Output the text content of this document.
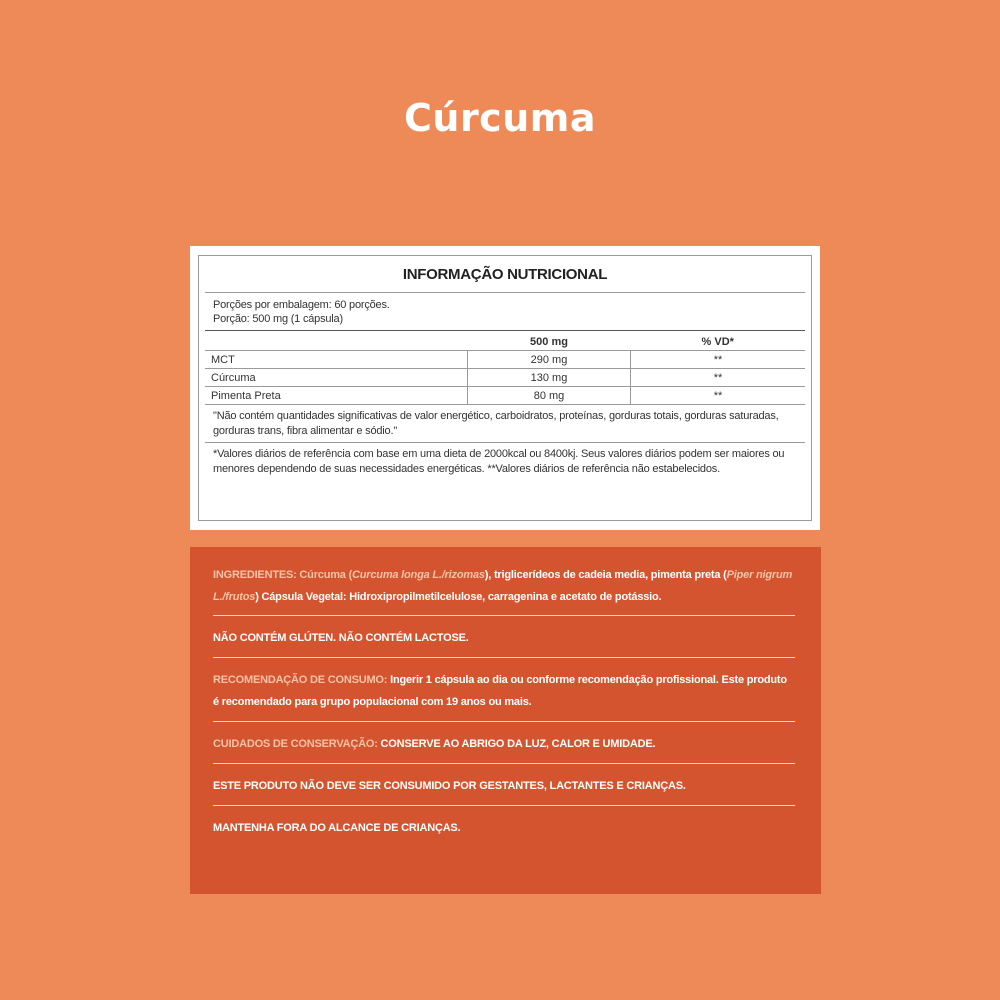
Cúrcuma
INFORMAÇÃO NUTRICIONAL
Porções por embalagem: 60 porções.
Porção: 500 mg (1 cápsula)
	500 mg	% VD*
MCT	290 mg	**
Cúrcuma	130 mg	**
Pimenta Preta	80 mg	**
"Não contém quantidades significativas de valor energético, carboidratos, proteínas, gorduras totais, gorduras saturadas, gorduras trans, fibra alimentar e sódio."
*Valores diários de referência com base em uma dieta de 2000kcal ou 8400kj. Seus valores diários podem ser maiores ou menores dependendo de suas necessidades energéticas. **Valores diários de referência não estabelecidos.

INGREDIENTES: Cúrcuma (Curcuma longa L./rizomas), triglicerídeos de cadeia media, pimenta preta (Piper nigrum L./frutos) Cápsula Vegetal: Hidroxipropilmetilcelulose, carragenina e acetato de potássio.

NÃO CONTÉM GLÚTEN. NÃO CONTÉM LACTOSE.

RECOMENDAÇÃO DE CONSUMO: Ingerir 1 cápsula ao dia ou conforme recomendação profissional. Este produto é recomendado para grupo populacional com 19 anos ou mais.

CUIDADOS DE CONSERVAÇÃO: CONSERVE AO ABRIGO DA LUZ, CALOR E UMIDADE.

ESTE PRODUTO NÃO DEVE SER CONSUMIDO POR GESTANTES, LACTANTES E CRIANÇAS.

MANTENHA FORA DO ALCANCE DE CRIANÇAS.
